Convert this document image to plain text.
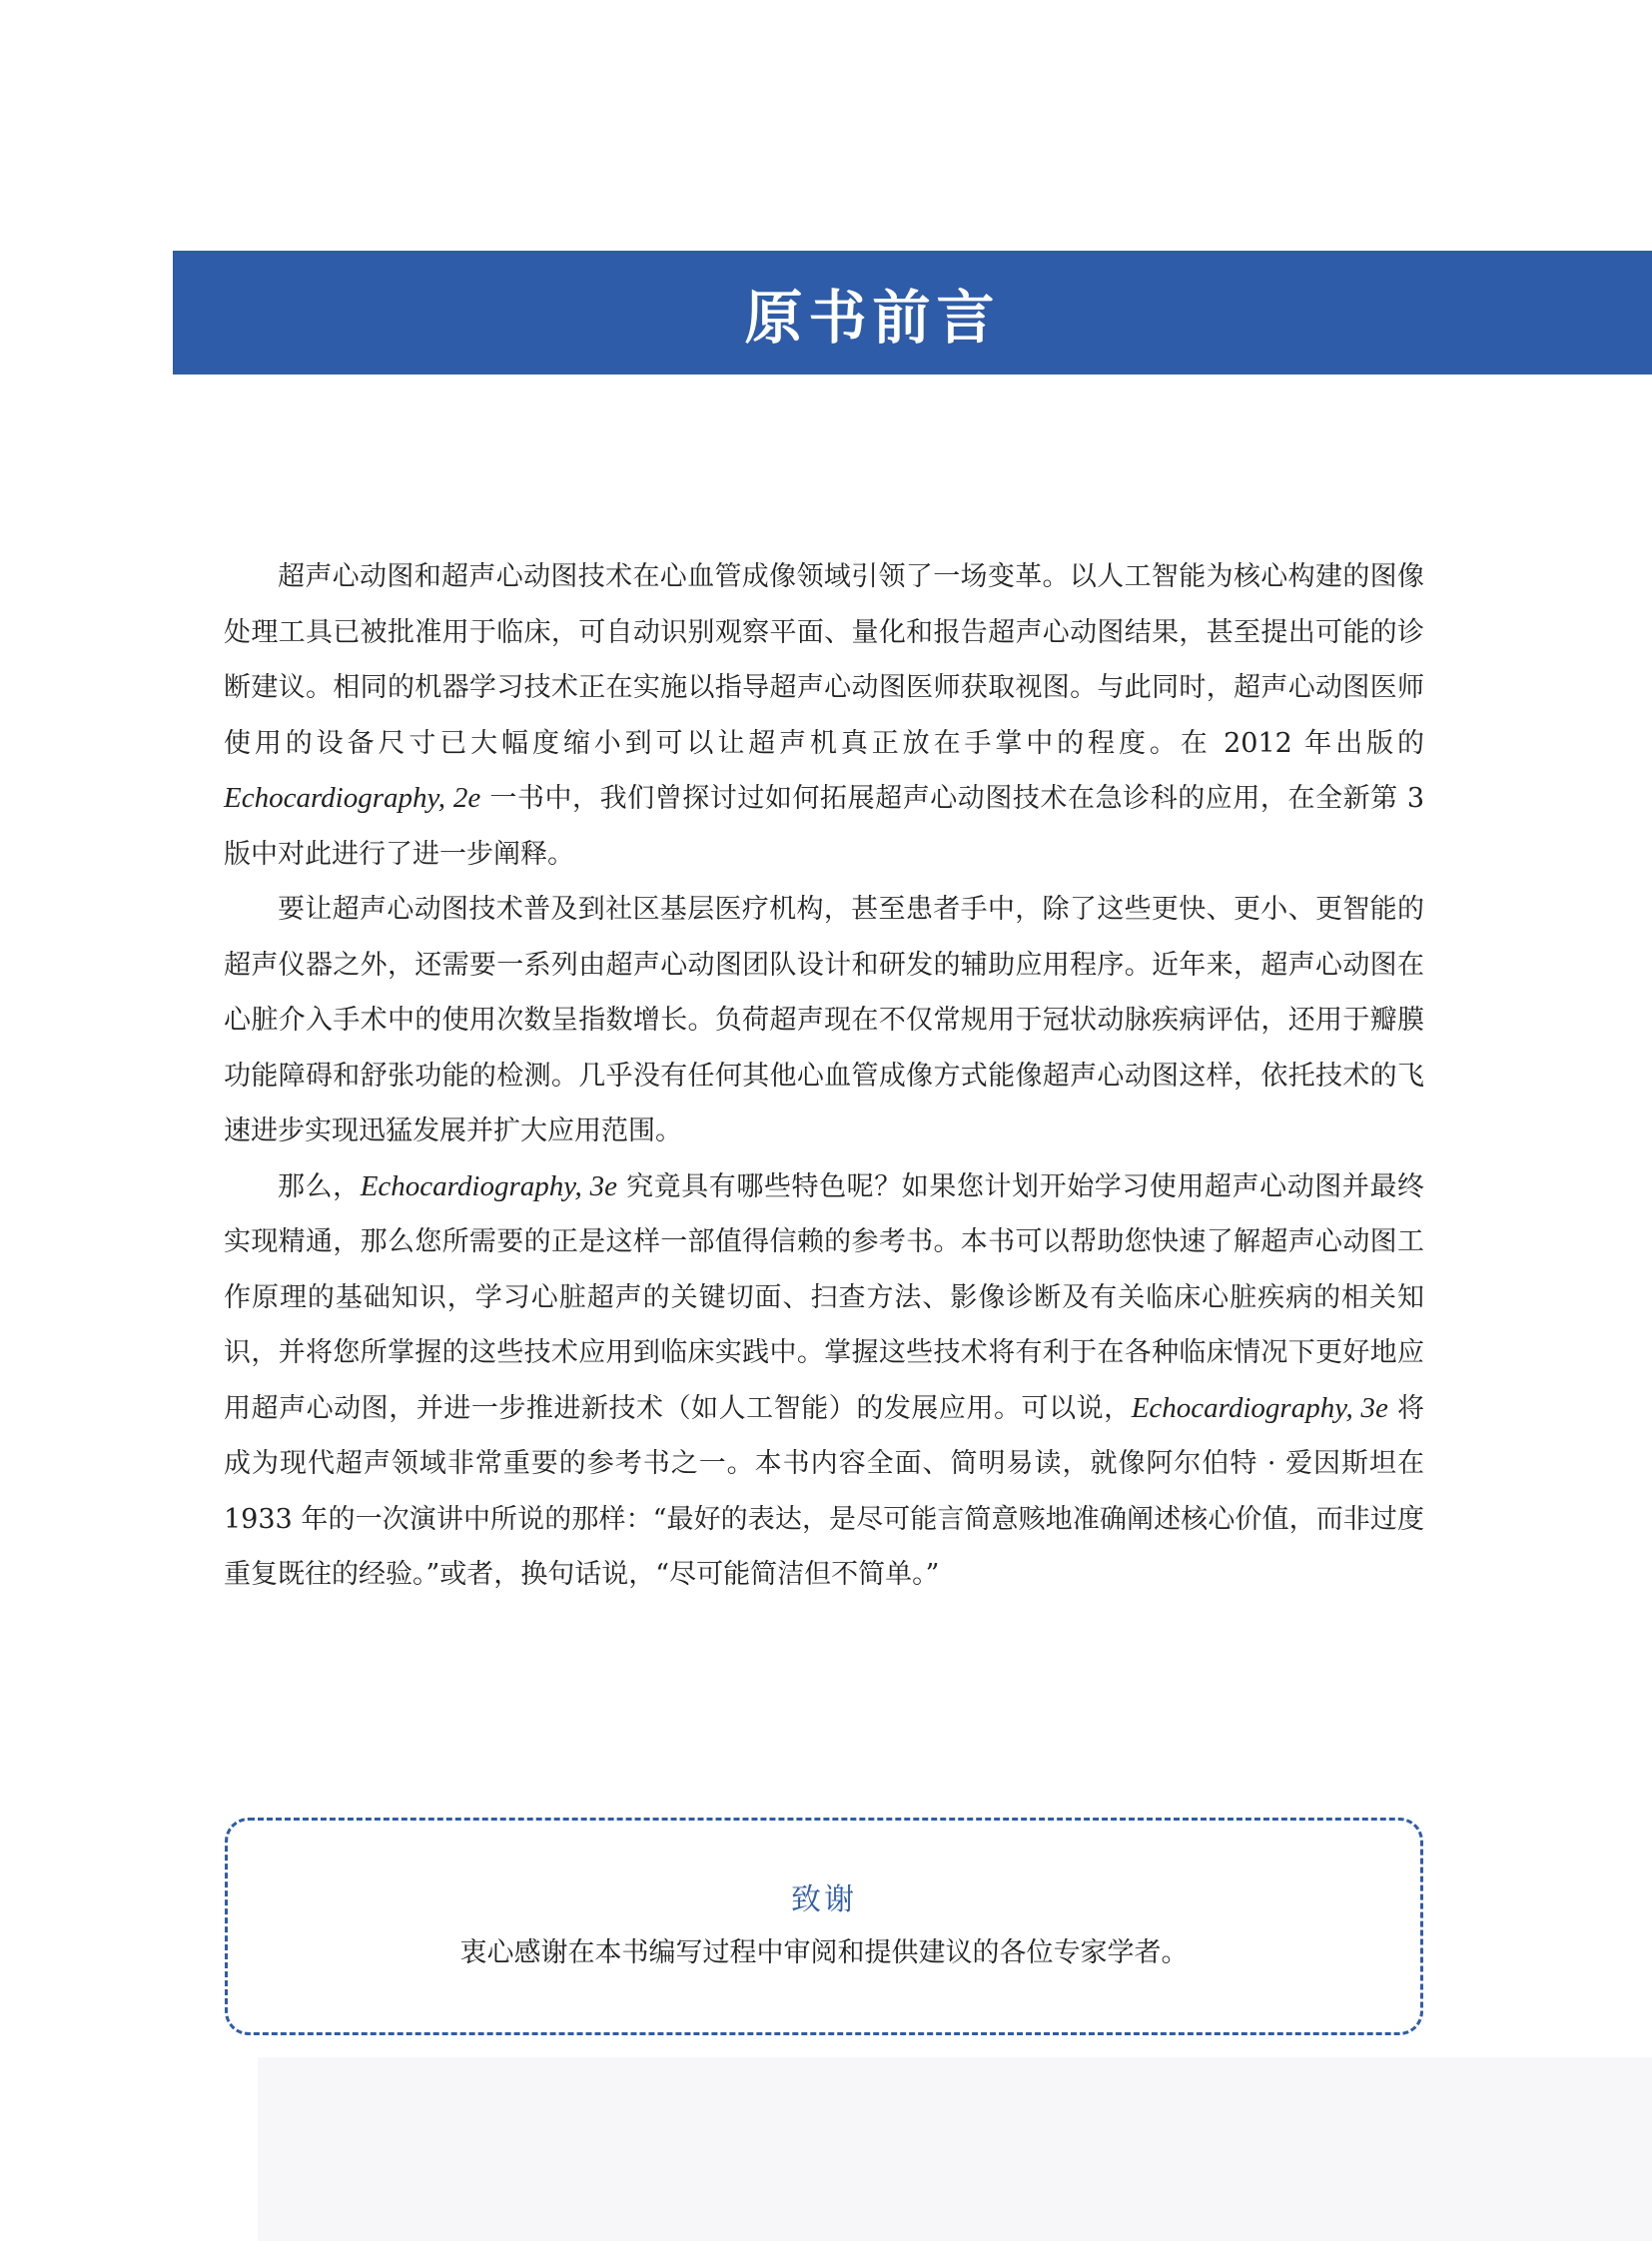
原书前言

超声心动图和超声心动图技术在心血管成像领域引领了一场变革。以人工智能为核心构建的图像处理工具已被批准用于临床，可自动识别观察平面、量化和报告超声心动图结果，甚至提出可能的诊断建议。相同的机器学习技术正在实施以指导超声心动图医师获取视图。与此同时，超声心动图医师使用的设备尺寸已大幅度缩小到可以让超声机真正放在手掌中的程度。在 2012 年出版的 Echocardiography, 2e 一书中，我们曾探讨过如何拓展超声心动图技术在急诊科的应用，在全新第 3 版中对此进行了进一步阐释。

要让超声心动图技术普及到社区基层医疗机构，甚至患者手中，除了这些更快、更小、更智能的超声仪器之外，还需要一系列由超声心动图团队设计和研发的辅助应用程序。近年来，超声心动图在心脏介入手术中的使用次数呈指数增长。负荷超声现在不仅常规用于冠状动脉疾病评估，还用于瓣膜功能障碍和舒张功能的检测。几乎没有任何其他心血管成像方式能像超声心动图这样，依托技术的飞速进步实现迅猛发展并扩大应用范围。

那么，Echocardiography, 3e 究竟具有哪些特色呢？如果您计划开始学习使用超声心动图并最终实现精通，那么您所需要的正是这样一部值得信赖的参考书。本书可以帮助您快速了解超声心动图工作原理的基础知识，学习心脏超声的关键切面、扫查方法、影像诊断及有关临床心脏疾病的相关知识，并将您所掌握的这些技术应用到临床实践中。掌握这些技术将有利于在各种临床情况下更好地应用超声心动图，并进一步推进新技术（如人工智能）的发展应用。可以说，Echocardiography, 3e 将成为现代超声领域非常重要的参考书之一。本书内容全面、简明易读，就像阿尔伯特 · 爱因斯坦在 1933 年的一次演讲中所说的那样：“最好的表达，是尽可能言简意赅地准确阐述核心价值，而非过度重复既往的经验。”或者，换句话说，“尽可能简洁但不简单。”

致谢
衷心感谢在本书编写过程中审阅和提供建议的各位专家学者。
